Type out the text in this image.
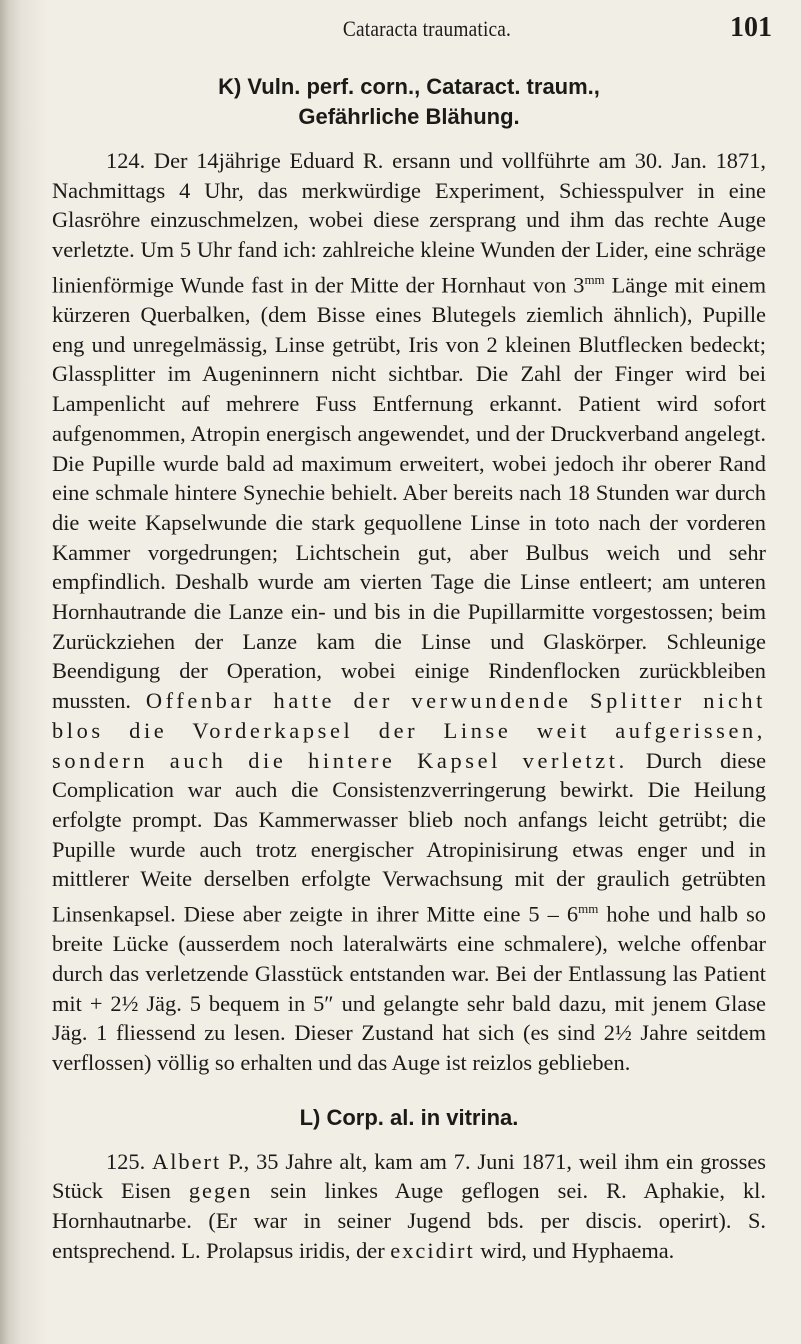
Cataracta traumatica.	101
K) Vuln. perf. corn., Cataract. traum.,
Gefährliche Blähung.

124. Der 14jährige Eduard R. ersann und vollführte am 30. Jan. 1871, Nachmittags 4 Uhr, das merkwürdige Experiment, Schiesspulver in eine Glasröhre einzuschmelzen, wobei diese zersprang und ihm das rechte Auge verletzte. Um 5 Uhr fand ich: zahlreiche kleine Wunden der Lider, eine schräge linienförmige Wunde fast in der Mitte der Hornhaut von $3^{mm}$ Länge mit einem kürzeren Querbalken, (dem Bisse eines Blutegels ziemlich ähnlich), Pupille eng und unregelmässig, Linse getrübt, Iris von 2 kleinen Blutflecken bedeckt; Glassplitter im Augeninnern nicht sichtbar. Die Zahl der Finger wird bei Lampenlicht auf mehrere Fuss Entfernung erkannt. Patient wird sofort aufgenommen, Atropin energisch angewendet, und der Druckverband angelegt. Die Pupille wurde bald ad maximum erweitert, wobei jedoch ihr oberer Rand eine schmale hintere Synechie behielt. Aber bereits nach 18 Stunden war durch die weite Kapselwunde die stark gequollene Linse in toto nach der vorderen Kammer vorgedrungen; Lichtschein gut, aber Bulbus weich und sehr empfindlich. Deshalb wurde am vierten Tage die Linse entleert; am unteren Hornhautrande die Lanze ein- und bis in die Pupillarmitte vorgestossen; beim Zurückziehen der Lanze kam die Linse und Glaskörper. Schleunige Beendigung der Operation, wobei einige Rindenflocken zurückbleiben mussten. Offenbar hatte der verwundende Splitter nicht blos die Vorderkapsel der Linse weit aufgerissen, sondern auch die hintere Kapsel verletzt. Durch diese Complication war auch die Consistenzverringerung bewirkt. Die Heilung erfolgte prompt. Das Kammerwasser blieb noch anfangs leicht getrübt; die Pupille wurde auch trotz energischer Atropinisirung etwas enger und in mittlerer Weite derselben erfolgte Verwachsung mit der graulich getrübten Linsenkapsel. Diese aber zeigte in ihrer Mitte eine $5 - 6^{mm}$ hohe und halb so breite Lücke (ausserdem noch lateralwärts eine schmalere), welche offenbar durch das verletzende Glasstück entstanden war. Bei der Entlassung las Patient mit + 2½ Jäg. 5 bequem in 5″ und gelangte sehr bald dazu, mit jenem Glase Jäg. 1 fliessend zu lesen. Dieser Zustand hat sich (es sind 2½ Jahre seitdem verflossen) völlig so erhalten und das Auge ist reizlos geblieben.

L) Corp. al. in vitrina.

125. Albert P., 35 Jahre alt, kam am 7. Juni 1871, weil ihm ein grosses Stück Eisen gegen sein linkes Auge geflogen sei. R. Aphakie, kl. Hornhautnarbe. (Er war in seiner Jugend bds. per discis. operirt). S. entsprechend. L. Prolapsus iridis, der excidirt wird, und Hyphaema.
